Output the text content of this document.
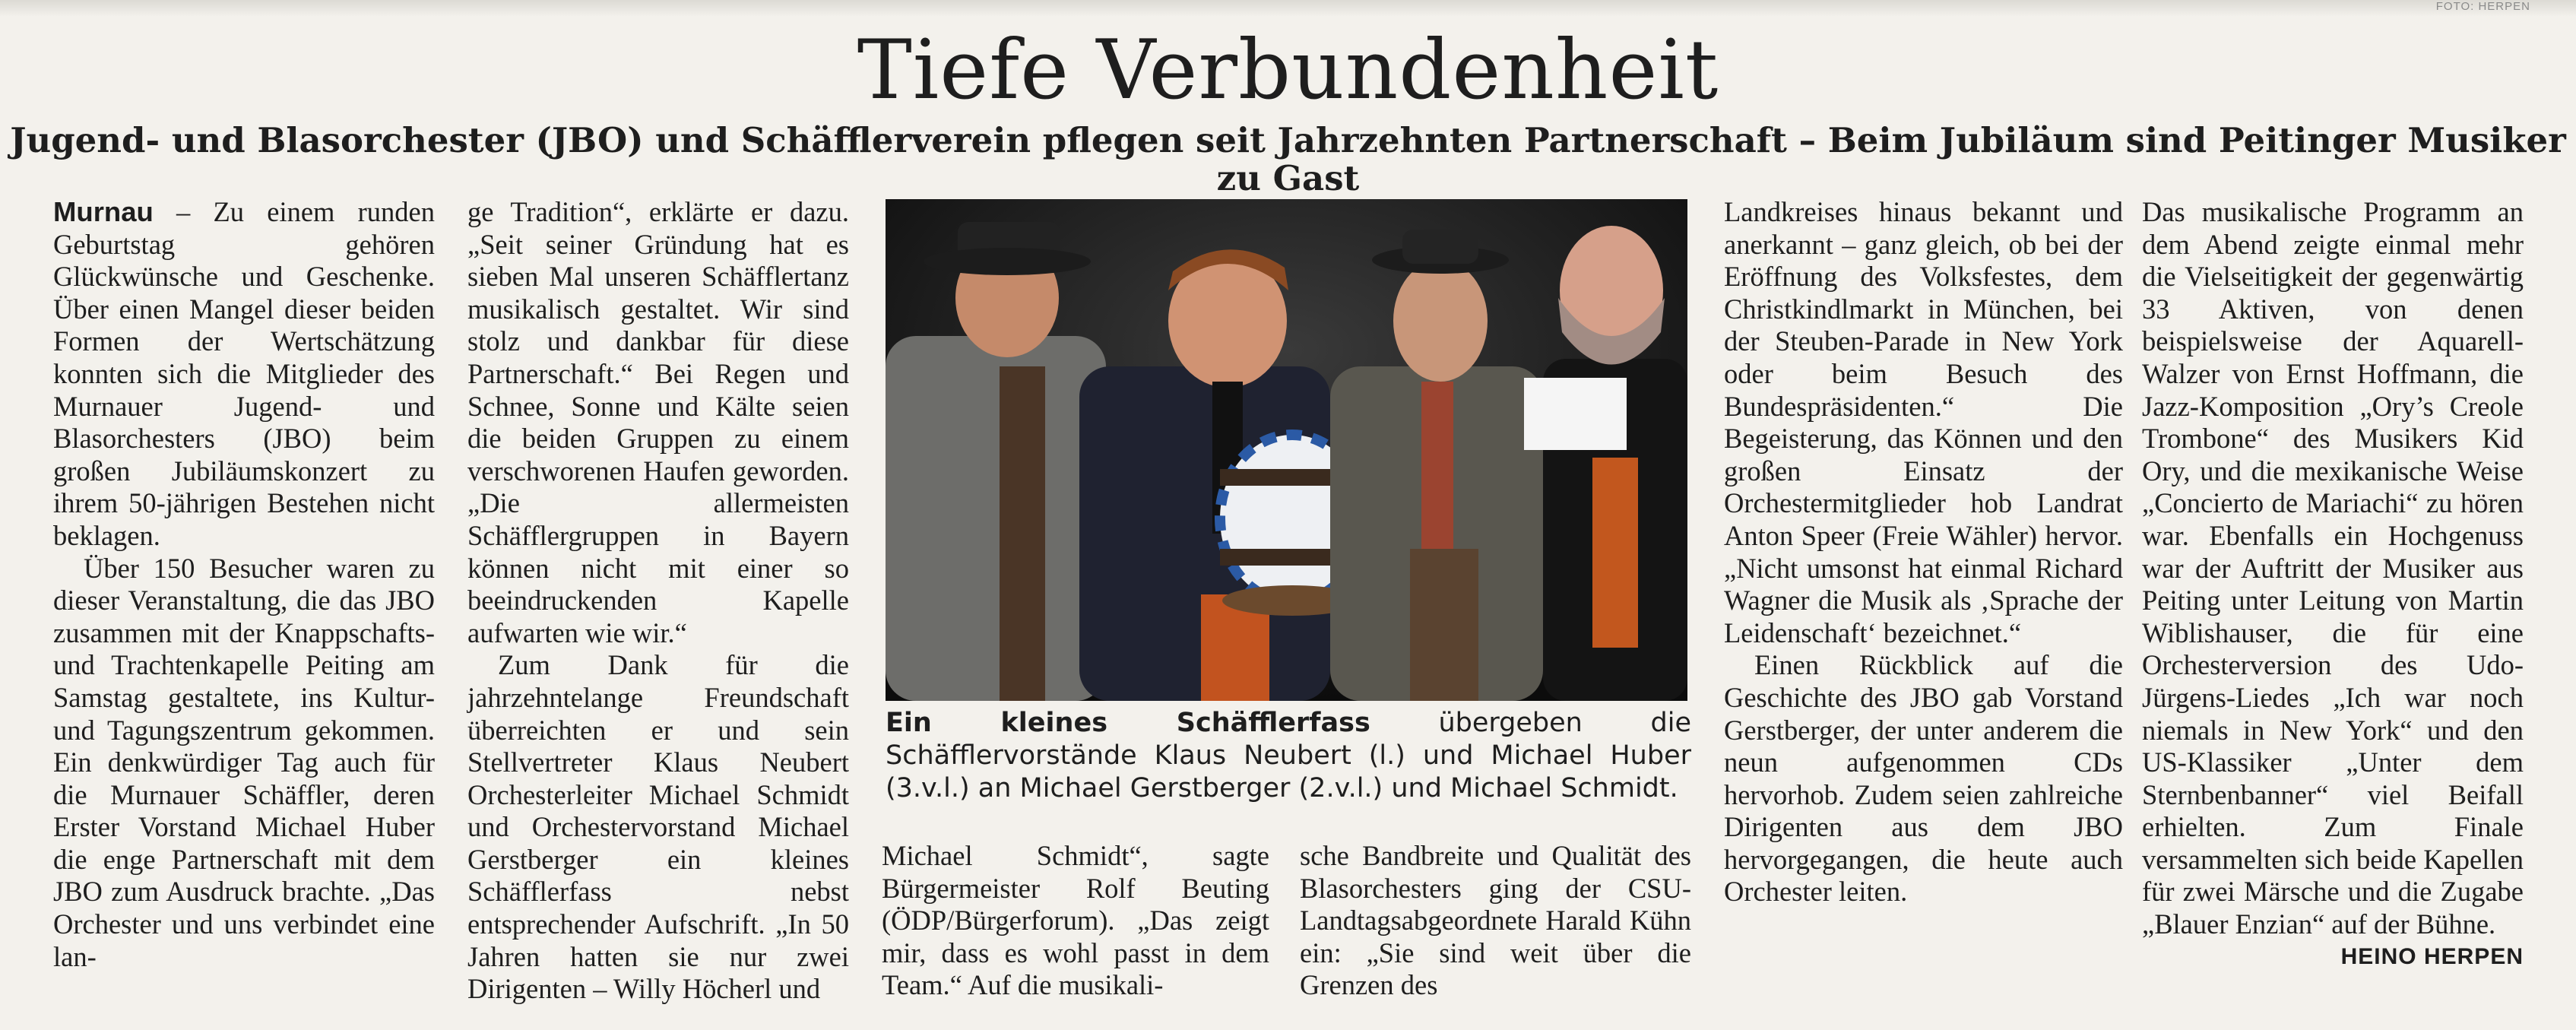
FOTO: HERPEN
Tiefe Verbundenheit
Jugend- und Blasorchester (JBO) und Schäfflerverein pflegen seit Jahrzehnten Partnerschaft – Beim Jubiläum sind Peitinger Musiker zu Gast

Murnau – Zu einem runden Geburtstag gehören Glückwünsche und Geschenke. Über einen Mangel dieser beiden Formen der Wertschätzung konnten sich die Mitglieder des Murnauer Jugend- und Blasorchesters (JBO) beim großen Jubiläumskonzert zu ihrem 50-jährigen Bestehen nicht beklagen.

Über 150 Besucher waren zu dieser Veranstaltung, die das JBO zusammen mit der Knappschafts- und Trachtenkapelle Peiting am Samstag gestaltete, ins Kultur- und Tagungszentrum gekommen. Ein denkwürdiger Tag auch für die Murnauer Schäffler, deren Erster Vorstand Michael Huber die enge Partnerschaft mit dem JBO zum Ausdruck brachte. „Das Orchester und uns verbindet eine lan-

ge Tradition“, erklärte er dazu. „Seit seiner Gründung hat es sieben Mal unseren Schäfflertanz musikalisch gestaltet. Wir sind stolz und dankbar für diese Partnerschaft.“ Bei Regen und Schnee, Sonne und Kälte seien die beiden Gruppen zu einem verschworenen Haufen geworden. „Die allermeisten Schäfflergruppen in Bayern können nicht mit einer so beeindruckenden Kapelle aufwarten wie wir.“

Zum Dank für die jahrzehntelange Freundschaft überreichten er und sein Stellvertreter Klaus Neubert Orchesterleiter Michael Schmidt und Orchestervorstand Michael Gerstberger ein kleines Schäfflerfass nebst entsprechender Aufschrift. „In 50 Jahren hatten sie nur zwei Dirigenten – Willy Höcherl und

Ein kleines Schäfflerfass übergeben die Schäfflervorstände Klaus Neubert (l.) und Michael Huber (3.v.l.) an Michael Gerstberger (2.v.l.) und Michael Schmidt.

Michael Schmidt“, sagte Bürgermeister Rolf Beuting (ÖDP/Bürgerforum). „Das zeigt mir, dass es wohl passt in dem Team.“ Auf die musikali-

sche Bandbreite und Qualität des Blasorchesters ging der CSU-Landtagsabgeordnete Harald Kühn ein: „Sie sind weit über die Grenzen des

Landkreises hinaus bekannt und anerkannt – ganz gleich, ob bei der Eröffnung des Volksfestes, dem Christkindlmarkt in München, bei der Steuben-Parade in New York oder beim Besuch des Bundespräsidenten.“ Die Begeisterung, das Können und den großen Einsatz der Orchestermitglieder hob Landrat Anton Speer (Freie Wähler) hervor. „Nicht umsonst hat einmal Richard Wagner die Musik als ‚Sprache der Leidenschaft‘ bezeichnet.“

Einen Rückblick auf die Geschichte des JBO gab Vorstand Gerstberger, der unter anderem die neun aufgenommen CDs hervorhob. Zudem seien zahlreiche Dirigenten aus dem JBO hervorgegangen, die heute auch Orchester leiten.

Das musikalische Programm an dem Abend zeigte einmal mehr die Vielseitigkeit der gegenwärtig 33 Aktiven, von denen beispielsweise der Aquarell-Walzer von Ernst Hoffmann, die Jazz-Komposition „Ory’s Creole Trombone“ des Musikers Kid Ory, und die mexikanische Weise „Concierto de Mariachi“ zu hören war. Ebenfalls ein Hochgenuss war der Auftritt der Musiker aus Peiting unter Leitung von Martin Wiblishauser, die für eine Orchesterversion des Udo-Jürgens-Liedes „Ich war noch niemals in New York“ und den US-Klassiker „Unter dem Sternbenbanner“ viel Beifall erhielten. Zum Finale versammelten sich beide Kapellen für zwei Märsche und die Zugabe „Blauer Enzian“ auf der Bühne.
HEINO HERPEN
